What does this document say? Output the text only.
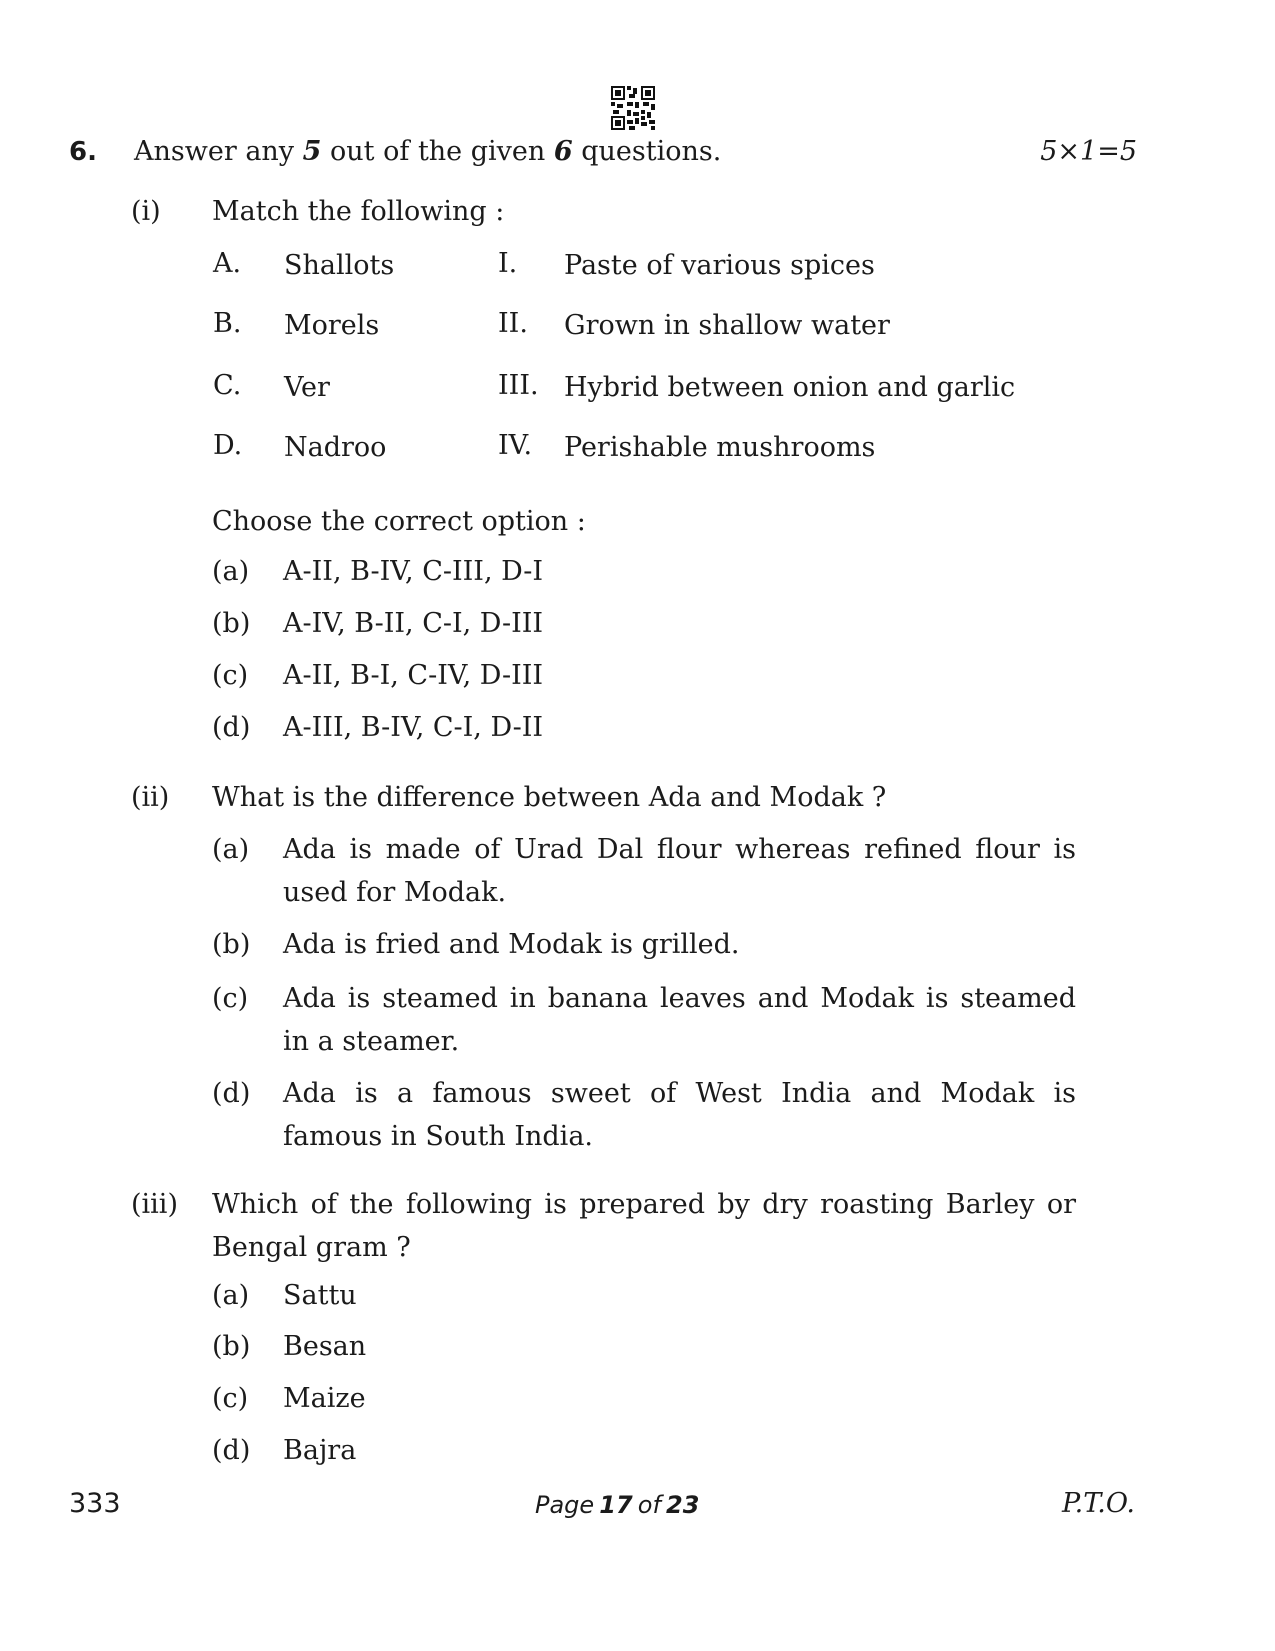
6. Answer any 5 out of the given 6 questions.	5×1=5
(i) Match the following :
A. Shallots	I. Paste of various spices
B. Morels	II. Grown in shallow water
C. Ver	III. Hybrid between onion and garlic
D. Nadroo	IV. Perishable mushrooms
Choose the correct option :
(a) A-II, B-IV, C-III, D-I
(b) A-IV, B-II, C-I, D-III
(c) A-II, B-I, C-IV, D-III
(d) A-III, B-IV, C-I, D-II
(ii) What is the difference between Ada and Modak ?
(a) Ada is made of Urad Dal flour whereas refined flour is used for Modak.
(b) Ada is fried and Modak is grilled.
(c) Ada is steamed in banana leaves and Modak is steamed in a steamer.
(d) Ada is a famous sweet of West India and Modak is famous in South India.
(iii) Which of the following is prepared by dry roasting Barley or Bengal gram ?
(a) Sattu
(b) Besan
(c) Maize
(d) Bajra
333	Page 17 of 23	P.T.O.
